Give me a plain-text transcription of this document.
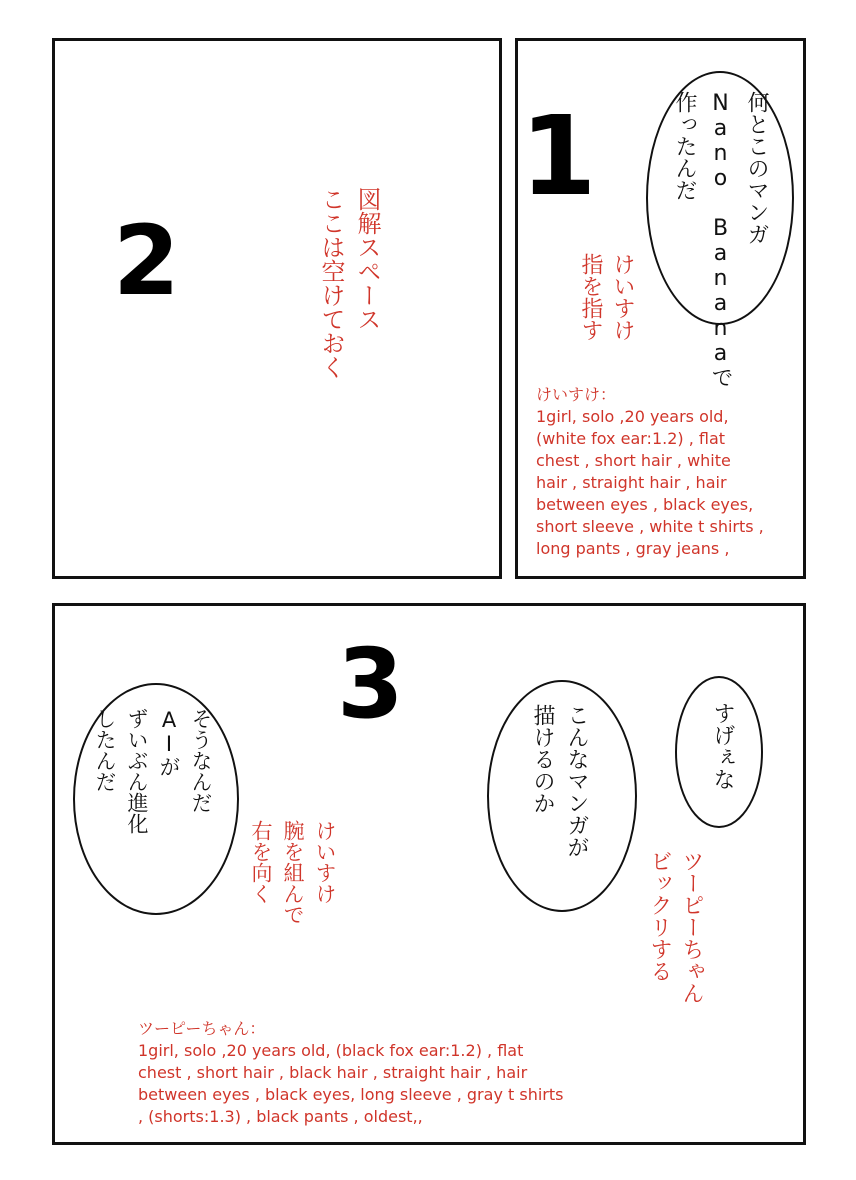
2	図解スペース
ここは空けておく
1	何とこのマンガ
Nano Bananaで
作ったんだ
けいすけ
指を指す
けいすけ：
1girl, solo ,20 years old,
(white fox ear:1.2) , flat
chest , short hair , white
hair , straight hair , hair
between eyes , black eyes,
short sleeve , white t shirts ,
long pants , gray jeans ,
3
そうなんだ
AIが
ずいぶん進化
したんだ
けいすけ
腕を組んで
右を向く
こんなマンガが
描けるのか	すげぇな
ツーピーちゃん
ビックリする
ツーピーちゃん：
1girl, solo ,20 years old, (black fox ear:1.2) , flat
chest , short hair , black hair , straight hair , hair
between eyes , black eyes, long sleeve , gray t shirts
, (shorts:1.3) , black pants , oldest,,
